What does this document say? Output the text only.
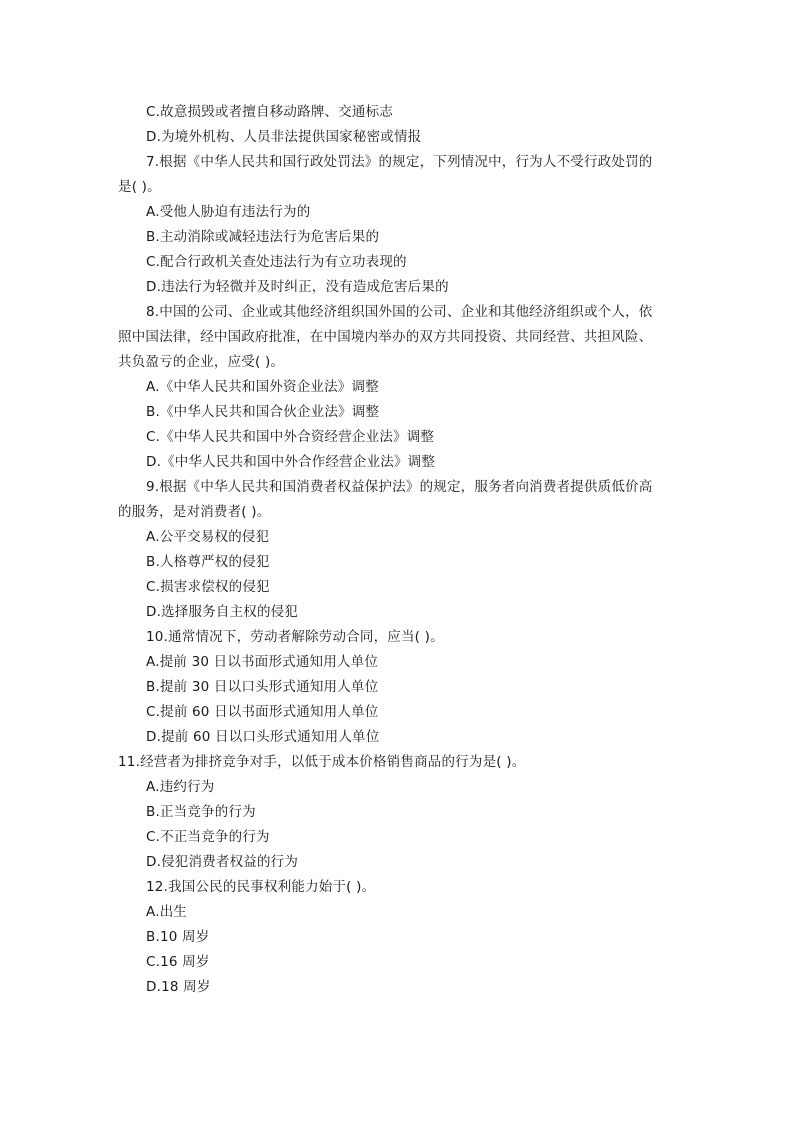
C.故意损毁或者擅自移动路牌、交通标志
D.为境外机构、人员非法提供国家秘密或情报
7.根据《中华人民共和国行政处罚法》的规定，下列情况中，行为人不受行政处罚的
是( )。
A.受他人胁迫有违法行为的
B.主动消除或减轻违法行为危害后果的
C.配合行政机关查处违法行为有立功表现的
D.违法行为轻微并及时纠正，没有造成危害后果的
8.中国的公司、企业或其他经济组织国外国的公司、企业和其他经济组织或个人，依
照中国法律，经中国政府批准，在中国境内举办的双方共同投资、共同经营、共担风险、
共负盈亏的企业，应受( )。
A.《中华人民共和国外资企业法》调整
B.《中华人民共和国合伙企业法》调整
C.《中华人民共和国中外合资经营企业法》调整
D.《中华人民共和国中外合作经营企业法》调整
9.根据《中华人民共和国消费者权益保护法》的规定，服务者向消费者提供质低价高
的服务，是对消费者( )。
A.公平交易权的侵犯
B.人格尊严权的侵犯
C.损害求偿权的侵犯
D.选择服务自主权的侵犯
10.通常情况下，劳动者解除劳动合同，应当( )。
A.提前 30 日以书面形式通知用人单位
B.提前 30 日以口头形式通知用人单位
C.提前 60 日以书面形式通知用人单位
D.提前 60 日以口头形式通知用人单位
11.经营者为排挤竞争对手，以低于成本价格销售商品的行为是( )。
A.违约行为
B.正当竞争的行为
C.不正当竞争的行为
D.侵犯消费者权益的行为
12.我国公民的民事权利能力始于( )。
A.出生
B.10 周岁
C.16 周岁
D.18 周岁
